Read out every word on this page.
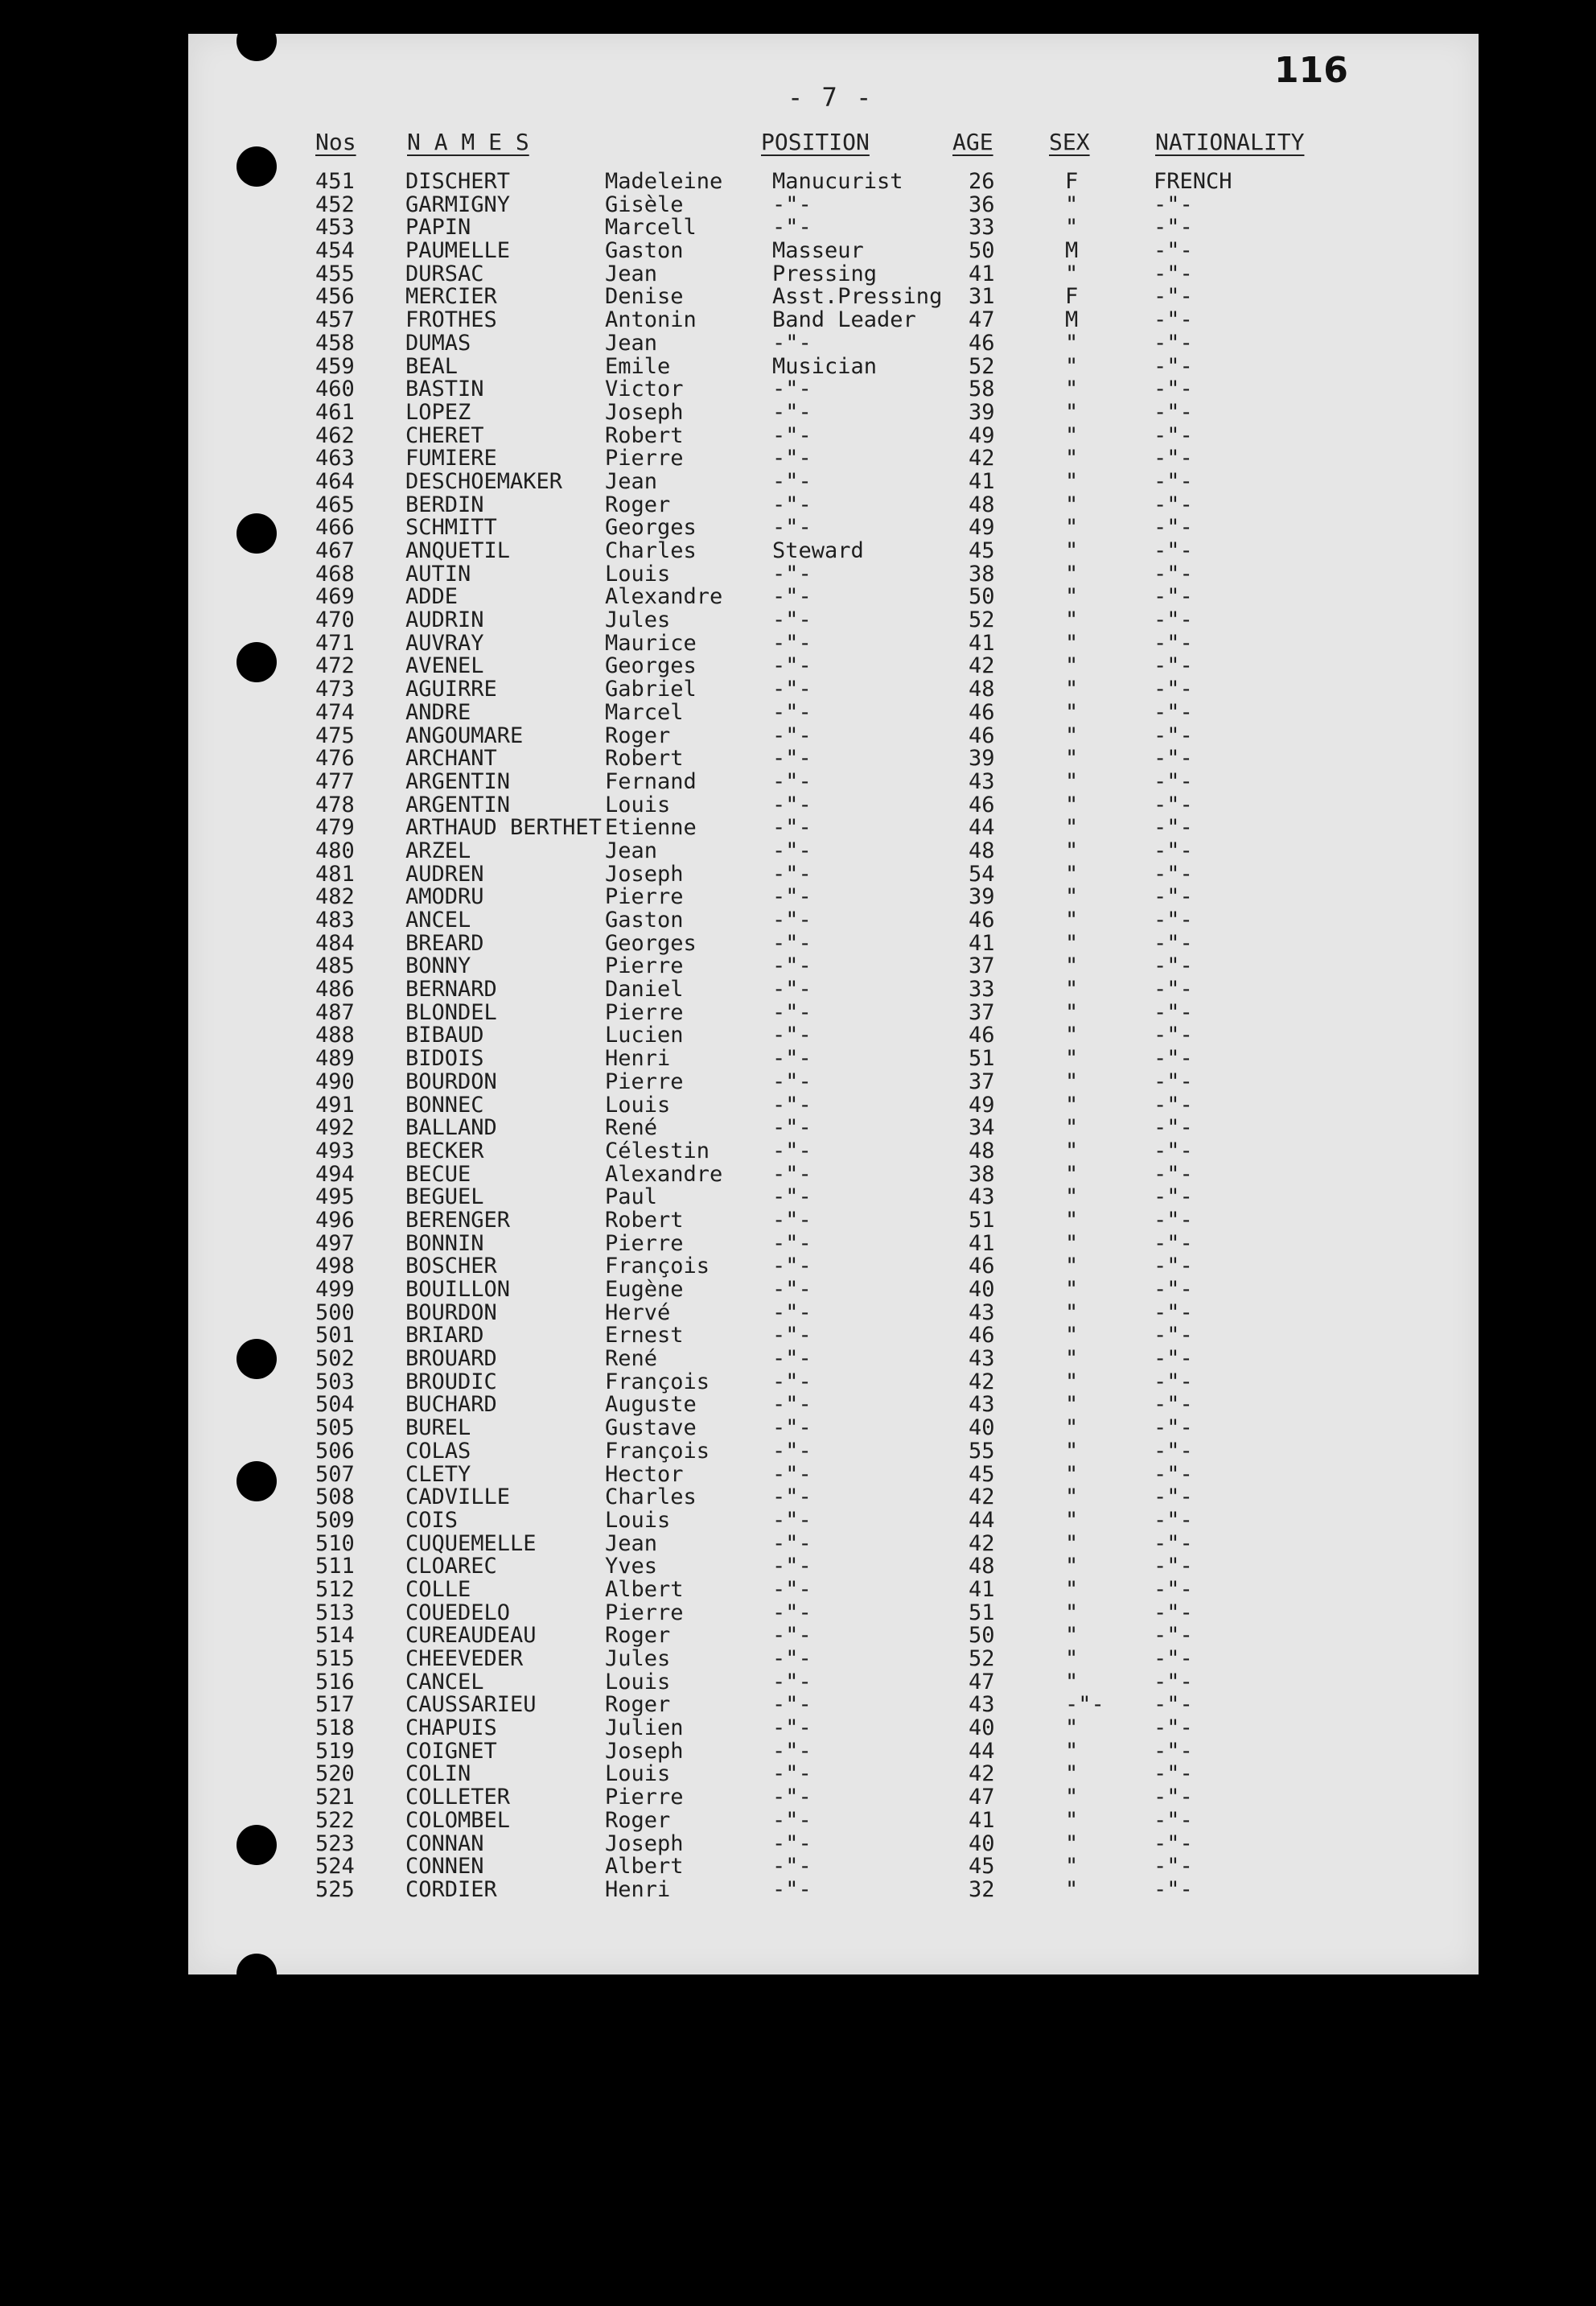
- 7 -
116
Nos N A M E S	POSITION	AGE SEX	NATIONALITY
451 DISCHERT	Madeleine Manucurist	26	F	FRENCH
452 GARMIGNY	Gisèle	-"-	36	"	-"-
453 PAPIN	Marcell	-"-	33	"	-"-
454 PAUMELLE	Gaston	Masseur	50	M	-"-
455 DURSAC	Jean	Pressing	41	"	-"-
456 MERCIER	Denise	Asst.Pressing 31	F	-"-
457 FROTHES	Antonin	Band Leader 47	M	-"-
458 DUMAS	Jean	-"-	46	"	-"-
459 BEAL	Emile	Musician	52	"	-"-
460 BASTIN	Victor	-"-	58	"	-"-
461 LOPEZ	Joseph	-"-	39	"	-"-
462 CHERET	Robert	-"-	49	"	-"-
463 FUMIERE	Pierre	-"-	42	"	-"-
464 DESCHOEMAKER Jean	-"-	41	"	-"-
465 BERDIN	Roger	-"-	48	"	-"-
466 SCHMITT	Georges	-"-	49	"	-"-
467 ANQUETIL	Charles	Steward	45	"	-"-
468 AUTIN	Louis	-"-	38	"	-"-
469 ADDE	Alexandre -"-	50	"	-"-
470 AUDRIN	Jules	-"-	52	"	-"-
471 AUVRAY	Maurice	-"-	41	"	-"-
472 AVENEL	Georges	-"-	42	"	-"-
473 AGUIRRE	Gabriel	-"-	48	"	-"-
474 ANDRE	Marcel	-"-	46	"	-"-
475 ANGOUMARE	Roger	-"-	46	"	-"-
476 ARCHANT	Robert	-"-	39	"	-"-
477 ARGENTIN	Fernand	-"-	43	"	-"-
478 ARGENTIN	Louis	-"-	46	"	-"-
479 ARTHAUD BERTHET Etienne	-"-	44	"	-"-
480 ARZEL	Jean	-"-	48	"	-"-
481 AUDREN	Joseph	-"-	54	"	-"-
482 AMODRU	Pierre	-"-	39	"	-"-
483 ANCEL	Gaston	-"-	46	"	-"-
484 BREARD	Georges	-"-	41	"	-"-
485 BONNY	Pierre	-"-	37	"	-"-
486 BERNARD	Daniel	-"-	33	"	-"-
487 BLONDEL	Pierre	-"-	37	"	-"-
488 BIBAUD	Lucien	-"-	46	"	-"-
489 BIDOIS	Henri	-"-	51	"	-"-
490 BOURDON	Pierre	-"-	37	"	-"-
491 BONNEC	Louis	-"-	49	"	-"-
492 BALLAND	René	-"-	34	"	-"-
493 BECKER	Célestin	-"-	48	"	-"-
494 BECUE	Alexandre -"-	38	"	-"-
495 BEGUEL	Paul	-"-	43	"	-"-
496 BERENGER	Robert	-"-	51	"	-"-
497 BONNIN	Pierre	-"-	41	"	-"-
498 BOSCHER	François	-"-	46	"	-"-
499 BOUILLON	Eugène	-"-	40	"	-"-
500 BOURDON	Hervé	-"-	43	"	-"-
501 BRIARD	Ernest	-"-	46	"	-"-
502 BROUARD	René	-"-	43	"	-"-
503 BROUDIC	François	-"-	42	"	-"-
504 BUCHARD	Auguste	-"-	43	"	-"-
505 BUREL	Gustave	-"-	40	"	-"-
506 COLAS	François	-"-	55	"	-"-
507 CLETY	Hector	-"-	45	"	-"-
508 CADVILLE	Charles	-"-	42	"	-"-
509 COIS	Louis	-"-	44	"	-"-
510 CUQUEMELLE	Jean	-"-	42	"	-"-
511 CLOAREC	Yves	-"-	48	"	-"-
512 COLLE	Albert	-"-	41	"	-"-
513 COUEDELO	Pierre	-"-	51	"	-"-
514 CUREAUDEAU	Roger	-"-	50	"	-"-
515 CHEEVEDER	Jules	-"-	52	"	-"-
516 CANCEL	Louis	-"-	47	"	-"-
517 CAUSSARIEU	Roger	-"-	43	-"- -"-
518 CHAPUIS	Julien	-"-	40	"	-"-
519 COIGNET	Joseph	-"-	44	"	-"-
520 COLIN	Louis	-"-	42	"	-"-
521 COLLETER	Pierre	-"-	47	"	-"-
522 COLOMBEL	Roger	-"-	41	"	-"-
523 CONNAN	Joseph	-"-	40	"	-"-
524 CONNEN	Albert	-"-	45	"	-"-
525 CORDIER	Henri	-"-	32	"	-"-
